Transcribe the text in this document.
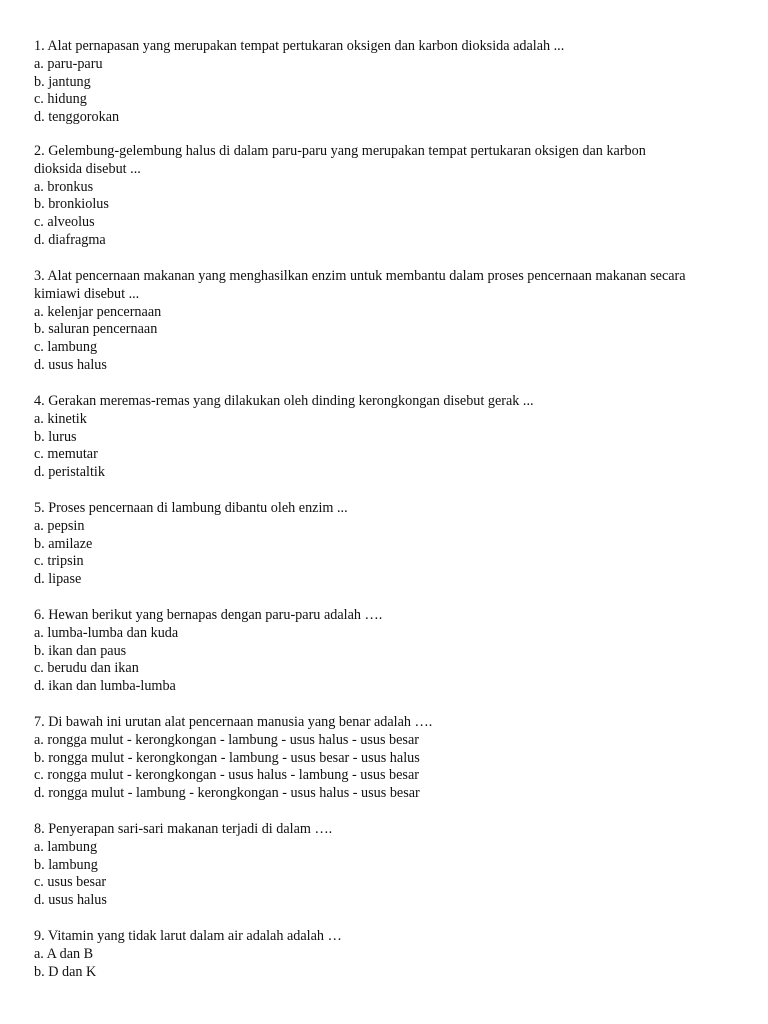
1. Alat pernapasan yang merupakan tempat pertukaran oksigen dan karbon dioksida adalah ...
a. paru-paru
b. jantung
c. hidung
d. tenggorokan
2. Gelembung-gelembung halus di dalam paru-paru yang merupakan tempat pertukaran oksigen dan karbon
dioksida disebut ...
a. bronkus
b. bronkiolus
c. alveolus
d. diafragma
3. Alat pencernaan makanan yang menghasilkan enzim untuk membantu dalam proses pencernaan makanan secara
kimiawi disebut ...
a. kelenjar pencernaan
b. saluran pencernaan
c. lambung
d. usus halus
4. Gerakan meremas-remas yang dilakukan oleh dinding kerongkongan disebut gerak ...
a. kinetik
b. lurus
c. memutar
d. peristaltik
5. Proses pencernaan di lambung dibantu oleh enzim ...
a. pepsin
b. amilaze
c. tripsin
d. lipase
6. Hewan berikut yang bernapas dengan paru-paru adalah ….
a. lumba-lumba dan kuda
b. ikan dan paus
c. berudu dan ikan
d. ikan dan lumba-lumba
7. Di bawah ini urutan alat pencernaan manusia yang benar adalah ….
a. rongga mulut - kerongkongan - lambung - usus halus - usus besar
b. rongga mulut - kerongkongan - lambung - usus besar - usus halus
c. rongga mulut - kerongkongan - usus halus - lambung - usus besar
d. rongga mulut - lambung - kerongkongan - usus halus - usus besar
8. Penyerapan sari-sari makanan terjadi di dalam ….
a. lambung
b. lambung
c. usus besar
d. usus halus
9. Vitamin yang tidak larut dalam air adalah adalah …
a. A dan B
b. D dan K
